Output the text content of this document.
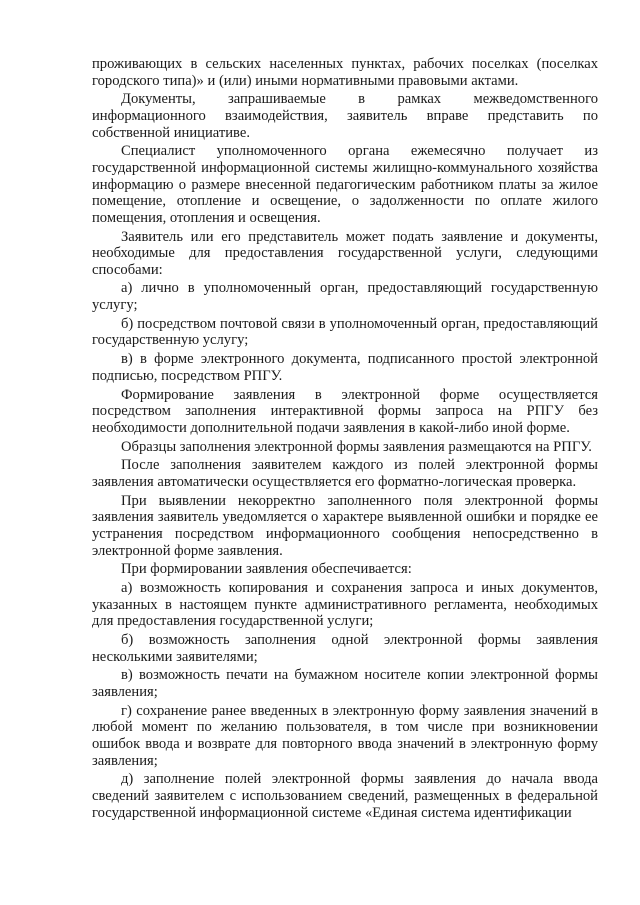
проживающих в сельских населенных пунктах, рабочих поселках (поселках городского типа)» и (или) иными нормативными правовыми актами.

Документы, запрашиваемые в рамках межведомственного информационного взаимодействия, заявитель вправе представить по собственной инициативе.

Специалист уполномоченного органа ежемесячно получает из государственной информационной системы жилищно-коммунального хозяйства информацию о размере внесенной педагогическим работником платы за жилое помещение, отопление и освещение, о задолженности по оплате жилого помещения, отопления и освещения.

Заявитель или его представитель может подать заявление и документы, необходимые для предоставления государственной услуги, следующими способами:

а) лично в уполномоченный орган, предоставляющий государственную услугу;

б) посредством почтовой связи в уполномоченный орган, предоставляющий государственную услугу;

в) в форме электронного документа, подписанного простой электронной подписью, посредством РПГУ.

Формирование заявления в электронной форме осуществляется посредством заполнения интерактивной формы запроса на РПГУ без необходимости дополнительной подачи заявления в какой-либо иной форме.

Образцы заполнения электронной формы заявления размещаются на РПГУ.

После заполнения заявителем каждого из полей электронной формы заявления автоматически осуществляется его форматно-логическая проверка.

При выявлении некорректно заполненного поля электронной формы заявления заявитель уведомляется о характере выявленной ошибки и порядке ее устранения посредством информационного сообщения непосредственно в электронной форме заявления.

При формировании заявления обеспечивается:

а) возможность копирования и сохранения запроса и иных документов, указанных в настоящем пункте административного регламента, необходимых для предоставления государственной услуги;

б) возможность заполнения одной электронной формы заявления несколькими заявителями;

в) возможность печати на бумажном носителе копии электронной формы заявления;

г) сохранение ранее введенных в электронную форму заявления значений в любой момент по желанию пользователя, в том числе при возникновении ошибок ввода и возврате для повторного ввода значений в электронную форму заявления;

д) заполнение полей электронной формы заявления до начала ввода сведений заявителем с использованием сведений, размещенных в федеральной государственной информационной системе «Единая система идентификации
